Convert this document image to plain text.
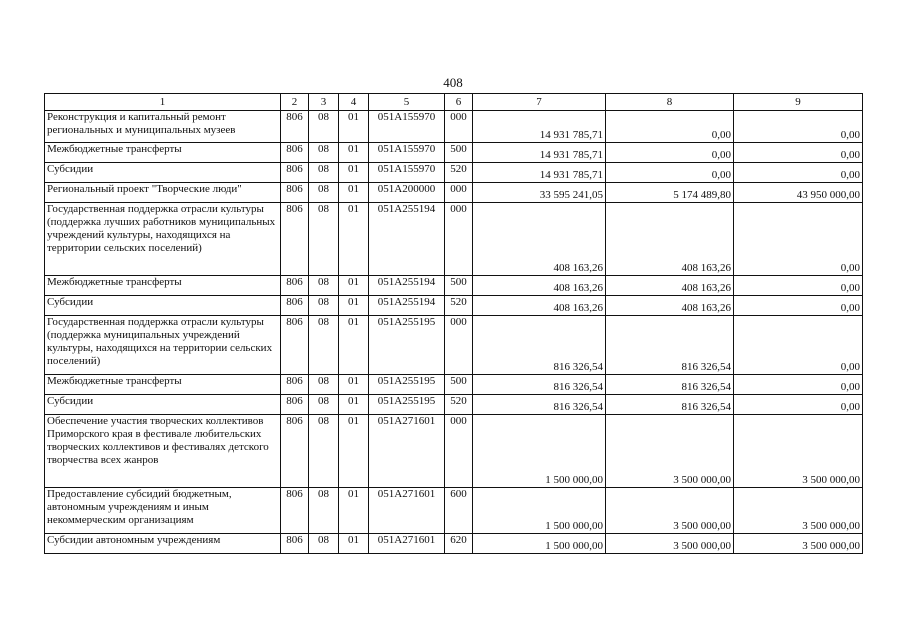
408
1	2	3	4	5	6	7	8	9
Реконструкция и капитальный ремонт региональных и муниципальных музеев	806	08	01	051A155970	000	14 931 785,71	0,00	0,00
Межбюджетные трансферты	806	08	01	051A155970	500	14 931 785,71	0,00	0,00
Субсидии	806	08	01	051A155970	520	14 931 785,71	0,00	0,00
Региональный проект "Творческие люди"	806	08	01	051A200000	000	33 595 241,05	5 174 489,80	43 950 000,00
Государственная поддержка отрасли культуры (поддержка лучших работников муниципальных учреждений культуры, находящихся на территории сельских поселений)	806	08	01	051A255194	000	408 163,26	408 163,26	0,00
Межбюджетные трансферты	806	08	01	051A255194	500	408 163,26	408 163,26	0,00
Субсидии	806	08	01	051A255194	520	408 163,26	408 163,26	0,00
Государственная поддержка отрасли культуры (поддержка муниципальных учреждений культуры, находящихся на территории сельских поселений)	806	08	01	051A255195	000	816 326,54	816 326,54	0,00
Межбюджетные трансферты	806	08	01	051A255195	500	816 326,54	816 326,54	0,00
Субсидии	806	08	01	051A255195	520	816 326,54	816 326,54	0,00
Обеспечение участия творческих коллективов Приморского края в фестивале любительских творческих коллективов и фестивалях детского творчества всех жанров	806	08	01	051A271601	000	1 500 000,00	3 500 000,00	3 500 000,00
Предоставление субсидий бюджетным, автономным учреждениям и иным некоммерческим организациям	806	08	01	051A271601	600	1 500 000,00	3 500 000,00	3 500 000,00
Субсидии автономным учреждениям	806	08	01	051A271601	620	1 500 000,00	3 500 000,00	3 500 000,00
